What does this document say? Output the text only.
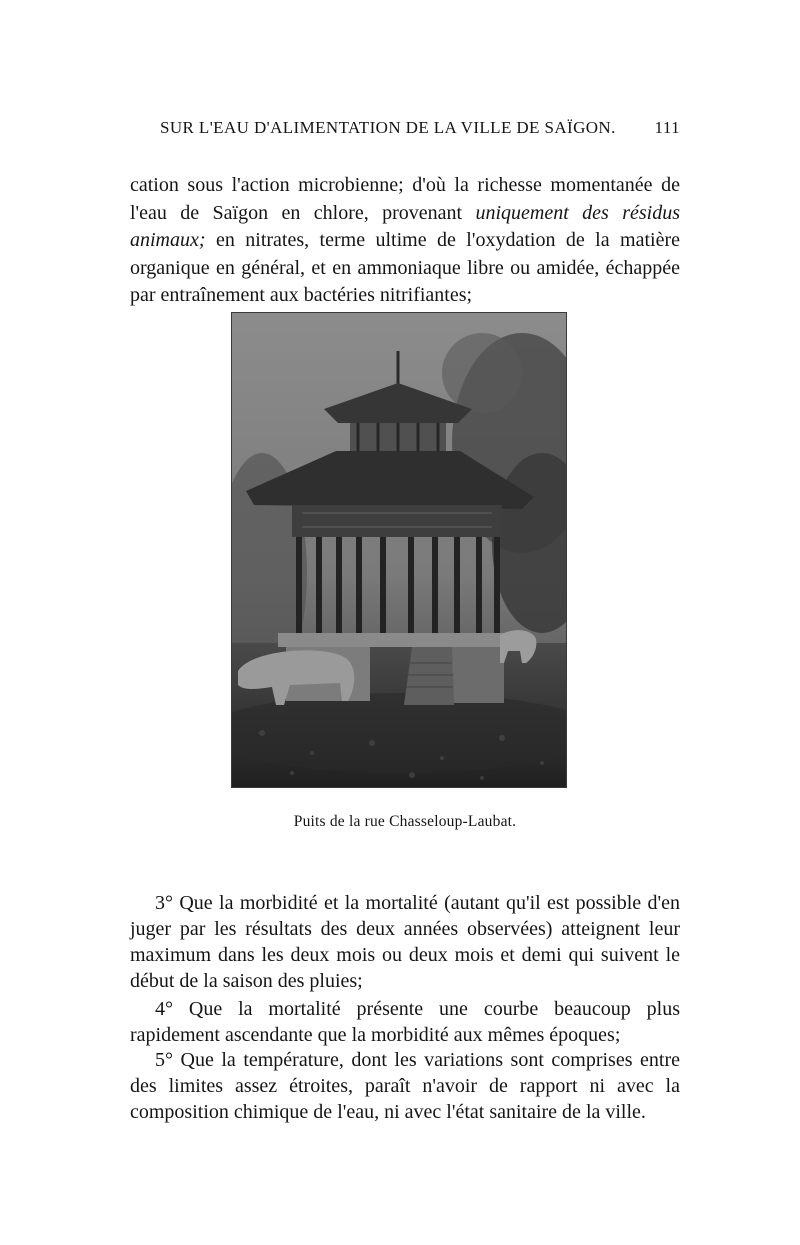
SUR L'EAU D'ALIMENTATION DE LA VILLE DE SAÏGON. 111

cation sous l'action microbienne; d'où la richesse momentanée de l'eau de Saïgon en chlore, provenant uniquement des résidus animaux; en nitrates, terme ultime de l'oxydation de la matière organique en général, et en ammoniaque libre ou amidée, échappée par entraînement aux bactéries nitrifiantes;

Puits de la rue Chasseloup-Laubat.

3° Que la morbidité et la mortalité (autant qu'il est possible d'en juger par les résultats des deux années observées) atteignent leur maximum dans les deux mois ou deux mois et demi qui suivent le début de la saison des pluies;

4° Que la mortalité présente une courbe beaucoup plus rapidement ascendante que la morbidité aux mêmes époques;

5° Que la température, dont les variations sont comprises entre des limites assez étroites, paraît n'avoir de rapport ni avec la composition chimique de l'eau, ni avec l'état sanitaire de la ville.
